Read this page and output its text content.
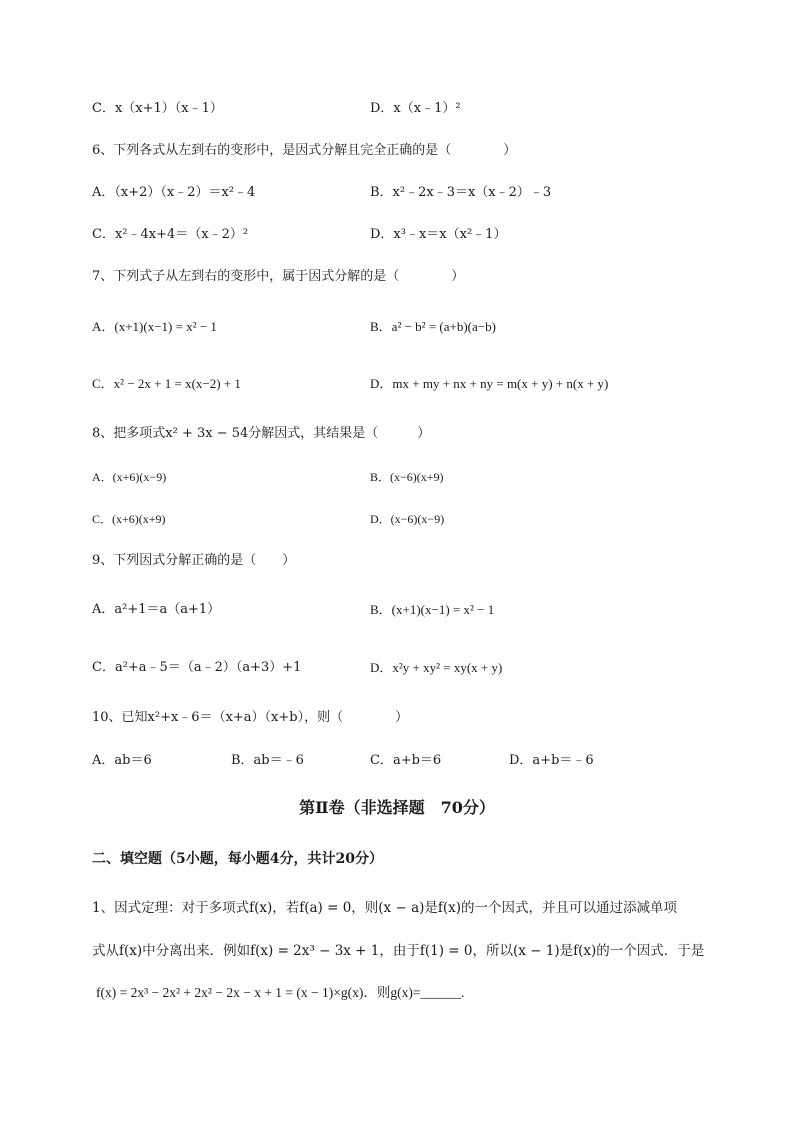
C．x（x+1）（x﹣1）	D．x（x﹣1）²
6、下列各式从左到右的变形中，是因式分解且完全正确的是（　　　　）
A．（x+2）（x﹣2）＝x²﹣4	B．x²﹣2x﹣3＝x（x﹣2）﹣3
C．x²﹣4x+4＝（x﹣2）²	D．x³﹣x＝x（x²﹣1）
7、下列式子从左到右的变形中，属于因式分解的是（　　　　）
A．(x+1)(x−1) = x² − 1	B．a² − b² = (a+b)(a−b)
C．x² − 2x + 1 = x(x−2) + 1	D．mx + my + nx + ny = m(x + y) + n(x + y)
8、把多项式x² + 3x − 54分解因式，其结果是（　　　）
A．(x+6)(x−9)	B．(x−6)(x+9)
C．(x+6)(x+9)	D．(x−6)(x−9)
9、下列因式分解正确的是（　　）
A．a²+1＝a（a+1）	B．(x+1)(x−1) = x² − 1
C．a²+a﹣5＝（a﹣2）（a+3）+1	D．x²y + xy² = xy(x + y)
10、已知x²+x﹣6＝（x+a）（x+b），则（　　　　）
A．ab＝6	B．ab＝﹣6	C．a+b＝6	D．a+b＝﹣6
第Ⅱ卷（非选择题　70分）
二、填空题（5小题，每小题4分，共计20分）
1、因式定理：对于多项式f(x)，若f(a) = 0，则(x − a)是f(x)的一个因式，并且可以通过添减单项
式从f(x)中分离出来．例如f(x) = 2x³ − 3x + 1，由于f(1) = 0，所以(x − 1)是f(x)的一个因式．于是
f(x) = 2x³ − 2x² + 2x² − 2x − x + 1 = (x − 1)×g(x)．则g(x)=______.
